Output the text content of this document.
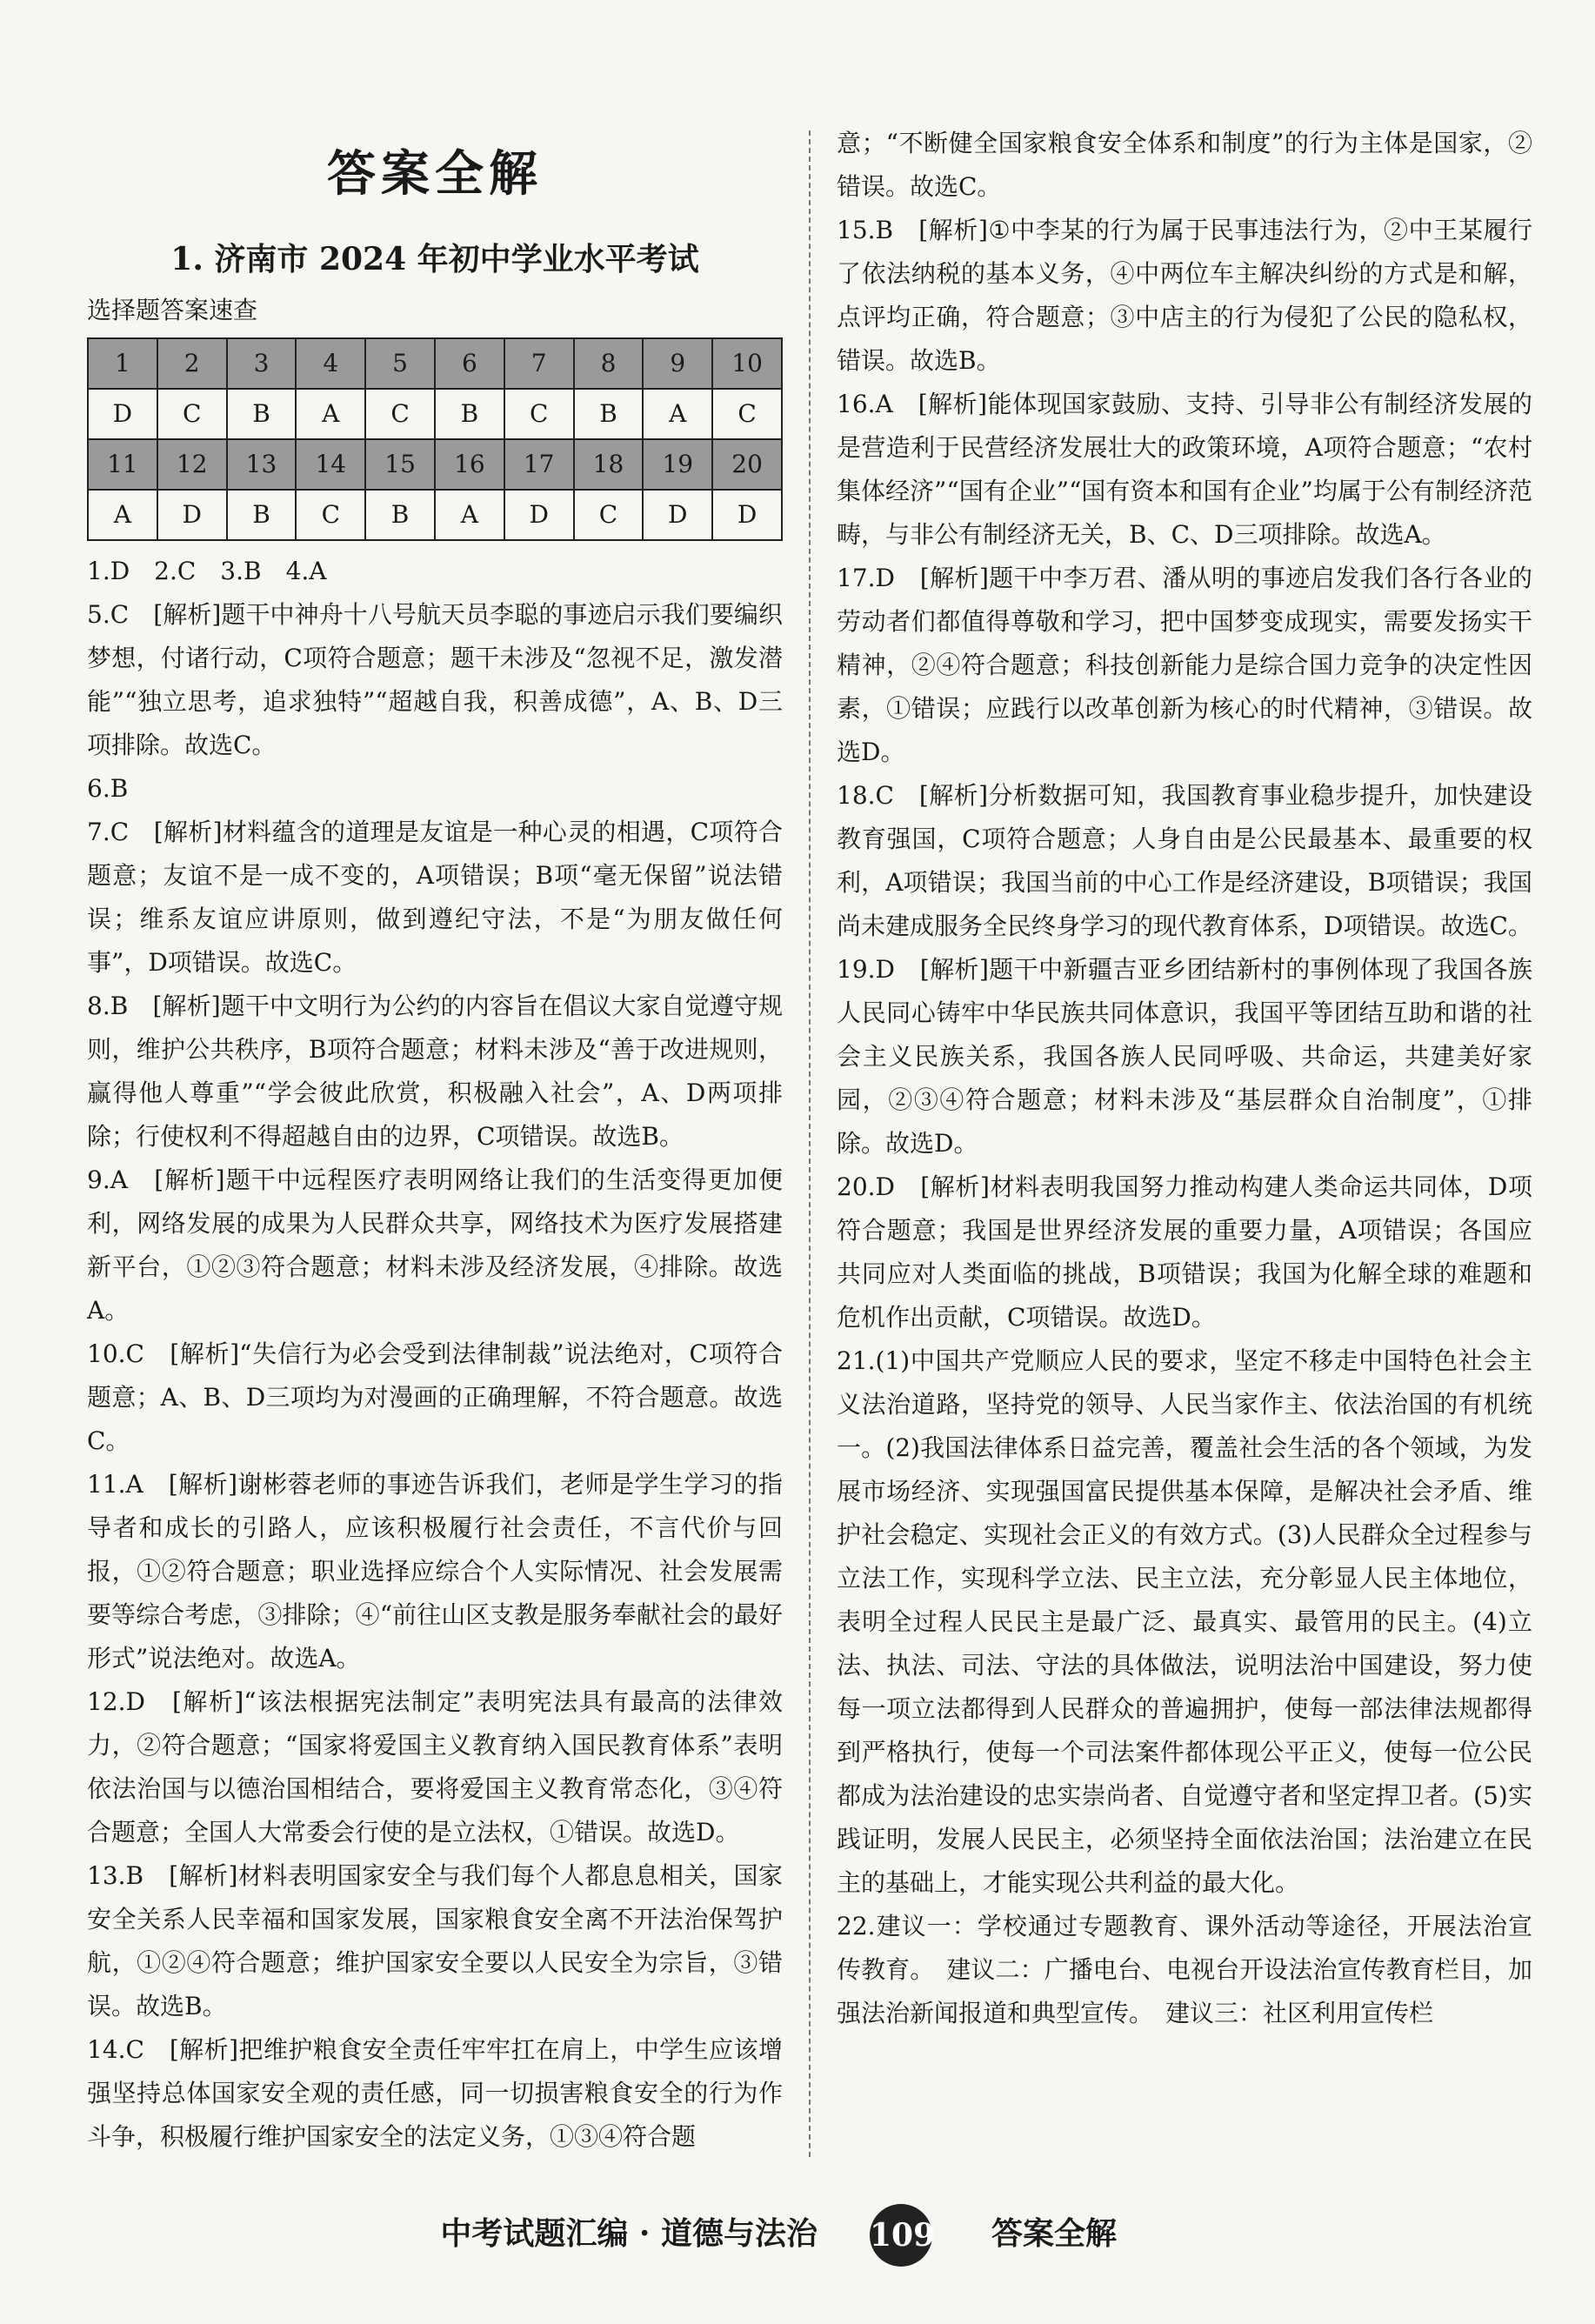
答案全解
1. 济南市 2024 年初中学业水平考试
选择题答案速查
1	2	3	4	5	6	7	8	9	10
D	C	B	A	C	B	C	B	A	C
11	12	13	14	15	16	17	18	19	20
A	D	B	C	B	A	D	C	D	D

1.D　2.C　3.B　4.A

5.C　[解析]题干中神舟十八号航天员李聪的事迹启示我们要编织梦想，付诸行动，C项符合题意；题干未涉及“忽视不足，激发潜能”“独立思考，追求独特”“超越自我，积善成德”，A、B、D三项排除。故选C。

6.B

7.C　[解析]材料蕴含的道理是友谊是一种心灵的相遇，C项符合题意；友谊不是一成不变的，A项错误；B项“毫无保留”说法错误；维系友谊应讲原则，做到遵纪守法，不是“为朋友做任何事”，D项错误。故选C。

8.B　[解析]题干中文明行为公约的内容旨在倡议大家自觉遵守规则，维护公共秩序，B项符合题意；材料未涉及“善于改进规则，赢得他人尊重”“学会彼此欣赏，积极融入社会”，A、D两项排除；行使权利不得超越自由的边界，C项错误。故选B。

9.A　[解析]题干中远程医疗表明网络让我们的生活变得更加便利，网络发展的成果为人民群众共享，网络技术为医疗发展搭建新平台，①②③符合题意；材料未涉及经济发展，④排除。故选A。

10.C　[解析]“失信行为必会受到法律制裁”说法绝对，C项符合题意；A、B、D三项均为对漫画的正确理解，不符合题意。故选C。

11.A　[解析]谢彬蓉老师的事迹告诉我们，老师是学生学习的指导者和成长的引路人，应该积极履行社会责任，不言代价与回报，①②符合题意；职业选择应综合个人实际情况、社会发展需要等综合考虑，③排除；④“前往山区支教是服务奉献社会的最好形式”说法绝对。故选A。

12.D　[解析]“该法根据宪法制定”表明宪法具有最高的法律效力，②符合题意；“国家将爱国主义教育纳入国民教育体系”表明依法治国与以德治国相结合，要将爱国主义教育常态化，③④符合题意；全国人大常委会行使的是立法权，①错误。故选D。

13.B　[解析]材料表明国家安全与我们每个人都息息相关，国家安全关系人民幸福和国家发展，国家粮食安全离不开法治保驾护航，①②④符合题意；维护国家安全要以人民安全为宗旨，③错误。故选B。

14.C　[解析]把维护粮食安全责任牢牢扛在肩上，中学生应该增强坚持总体国家安全观的责任感，同一切损害粮食安全的行为作斗争，积极履行维护国家安全的法定义务，①③④符合题

意；“不断健全国家粮食安全体系和制度”的行为主体是国家，②错误。故选C。

15.B　[解析]①中李某的行为属于民事违法行为，②中王某履行了依法纳税的基本义务，④中两位车主解决纠纷的方式是和解，点评均正确，符合题意；③中店主的行为侵犯了公民的隐私权，错误。故选B。

16.A　[解析]能体现国家鼓励、支持、引导非公有制经济发展的是营造利于民营经济发展壮大的政策环境，A项符合题意；“农村集体经济”“国有企业”“国有资本和国有企业”均属于公有制经济范畴，与非公有制经济无关，B、C、D三项排除。故选A。

17.D　[解析]题干中李万君、潘从明的事迹启发我们各行各业的劳动者们都值得尊敬和学习，把中国梦变成现实，需要发扬实干精神，②④符合题意；科技创新能力是综合国力竞争的决定性因素，①错误；应践行以改革创新为核心的时代精神，③错误。故选D。

18.C　[解析]分析数据可知，我国教育事业稳步提升，加快建设教育强国，C项符合题意；人身自由是公民最基本、最重要的权利，A项错误；我国当前的中心工作是经济建设，B项错误；我国尚未建成服务全民终身学习的现代教育体系，D项错误。故选C。

19.D　[解析]题干中新疆吉亚乡团结新村的事例体现了我国各族人民同心铸牢中华民族共同体意识，我国平等团结互助和谐的社会主义民族关系，我国各族人民同呼吸、共命运，共建美好家园，②③④符合题意；材料未涉及“基层群众自治制度”，①排除。故选D。

20.D　[解析]材料表明我国努力推动构建人类命运共同体，D项符合题意；我国是世界经济发展的重要力量，A项错误；各国应共同应对人类面临的挑战，B项错误；我国为化解全球的难题和危机作出贡献，C项错误。故选D。

21.(1)中国共产党顺应人民的要求，坚定不移走中国特色社会主义法治道路，坚持党的领导、人民当家作主、依法治国的有机统一。(2)我国法律体系日益完善，覆盖社会生活的各个领域，为发展市场经济、实现强国富民提供基本保障，是解决社会矛盾、维护社会稳定、实现社会正义的有效方式。(3)人民群众全过程参与立法工作，实现科学立法、民主立法，充分彰显人民主体地位，表明全过程人民民主是最广泛、最真实、最管用的民主。(4)立法、执法、司法、守法的具体做法，说明法治中国建设，努力使每一项立法都得到人民群众的普遍拥护，使每一部法律法规都得到严格执行，使每一个司法案件都体现公平正义，使每一位公民都成为法治建设的忠实崇尚者、自觉遵守者和坚定捍卫者。(5)实践证明，发展人民民主，必须坚持全面依法治国；法治建立在民主的基础上，才能实现公共利益的最大化。

22.建议一：学校通过专题教育、课外活动等途径，开展法治宣传教育。　建议二：广播电台、电视台开设法治宣传教育栏目，加强法治新闻报道和典型宣传。　建议三：社区利用宣传栏

中考试题汇编 · 道德与法治 109 答案全解
